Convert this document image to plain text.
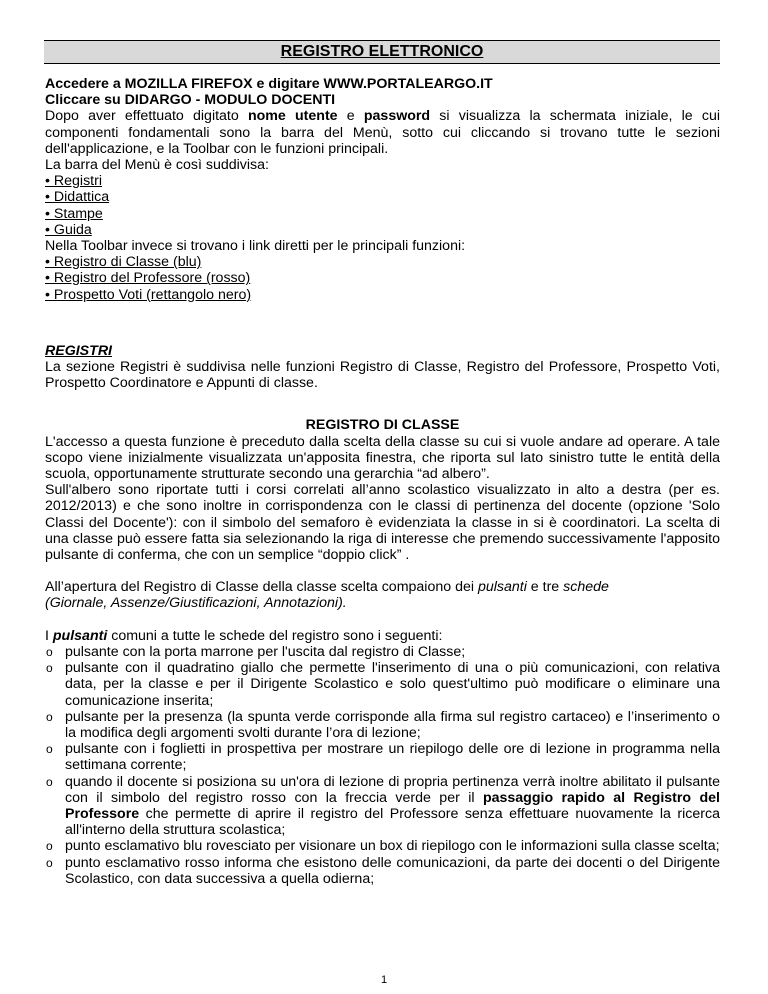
REGISTRO ELETTRONICO

Accedere a MOZILLA FIREFOX e digitare WWW.PORTALEARGO.IT

Cliccare su DIDARGO - MODULO DOCENTI

Dopo aver effettuato digitato nome utente e password si visualizza la schermata iniziale, le cui componenti fondamentali sono la barra del Menù, sotto cui cliccando si trovano tutte le sezioni dell'applicazione, e la Toolbar con le funzioni principali.

La barra del Menù è così suddivisa:

• Registri

• Didattica

• Stampe

• Guida

Nella Toolbar invece si trovano i link diretti per le principali funzioni:

• Registro di Classe (blu)

• Registro del Professore (rosso)

• Prospetto Voti (rettangolo nero)

REGISTRI

La sezione Registri è suddivisa nelle funzioni Registro di Classe, Registro del Professore, Prospetto Voti, Prospetto Coordinatore e Appunti di classe.

REGISTRO DI CLASSE

L'accesso a questa funzione è preceduto dalla scelta della classe su cui si vuole andare ad operare. A tale scopo viene inizialmente visualizzata un'apposita finestra, che riporta sul lato sinistro tutte le entità della scuola, opportunamente strutturate secondo una gerarchia “ad albero”.

Sull'albero sono riportate tutti i corsi correlati all’anno scolastico visualizzato in alto a destra (per es. 2012/2013) e che sono inoltre in corrispondenza con le classi di pertinenza del docente (opzione 'Solo Classi del Docente'): con il simbolo del semaforo è evidenziata la classe in si è coordinatori. La scelta di una classe può essere fatta sia selezionando la riga di interesse che premendo successivamente l'apposito pulsante di conferma, che con un semplice “doppio click” .

All’apertura del Registro di Classe della classe scelta compaiono dei pulsanti e tre schede
(Giornale, Assenze/Giustificazioni, Annotazioni).

I pulsanti comuni a tutte le schede del registro sono i seguenti:

o pulsante con la porta marrone per l'uscita dal registro di Classe;
o pulsante con il quadratino giallo che permette l'inserimento di una o più comunicazioni, con relativa data, per la classe e per il Dirigente Scolastico e solo quest'ultimo può modificare o eliminare una comunicazione inserita;
o pulsante per la presenza (la spunta verde corrisponde alla firma sul registro cartaceo) e l’inserimento o la modifica degli argomenti svolti durante l’ora di lezione;
o pulsante con i foglietti in prospettiva per mostrare un riepilogo delle ore di lezione in programma nella settimana corrente;
o quando il docente si posiziona su un'ora di lezione di propria pertinenza verrà inoltre abilitato il pulsante con il simbolo del registro rosso con la freccia verde per il passaggio rapido al Registro del Professore che permette di aprire il registro del Professore senza effettuare nuovamente la ricerca all'interno della struttura scolastica;
o punto esclamativo blu rovesciato per visionare un box di riepilogo con le informazioni sulla classe scelta;
o punto esclamativo rosso informa che esistono delle comunicazioni, da parte dei docenti o del Dirigente Scolastico, con data successiva a quella odierna;
1
